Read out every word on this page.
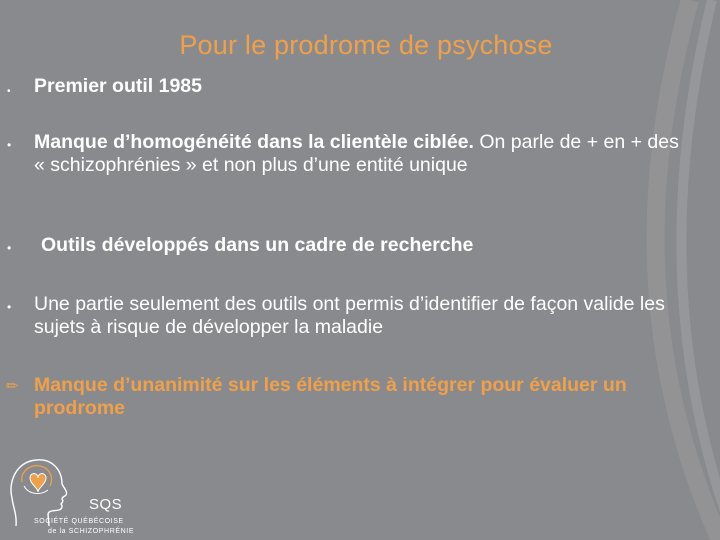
Pour le prodrome de psychose
• Premier outil 1985
• Manque d’homogénéité dans la clientèle ciblée. On parle de + en + des « schizophrénies » et non plus d’une entité unique
• Outils développés dans un cadre de recherche
• Une partie seulement des outils ont permis d’identifier de façon valide les sujets à risque de développer la maladie
✏ Manque d’unanimité sur les éléments à intégrer pour évaluer un prodrome
SQS
SOCIÉTÉ QUÉBÉCOISE
de la SCHIZOPHRÉNIE
